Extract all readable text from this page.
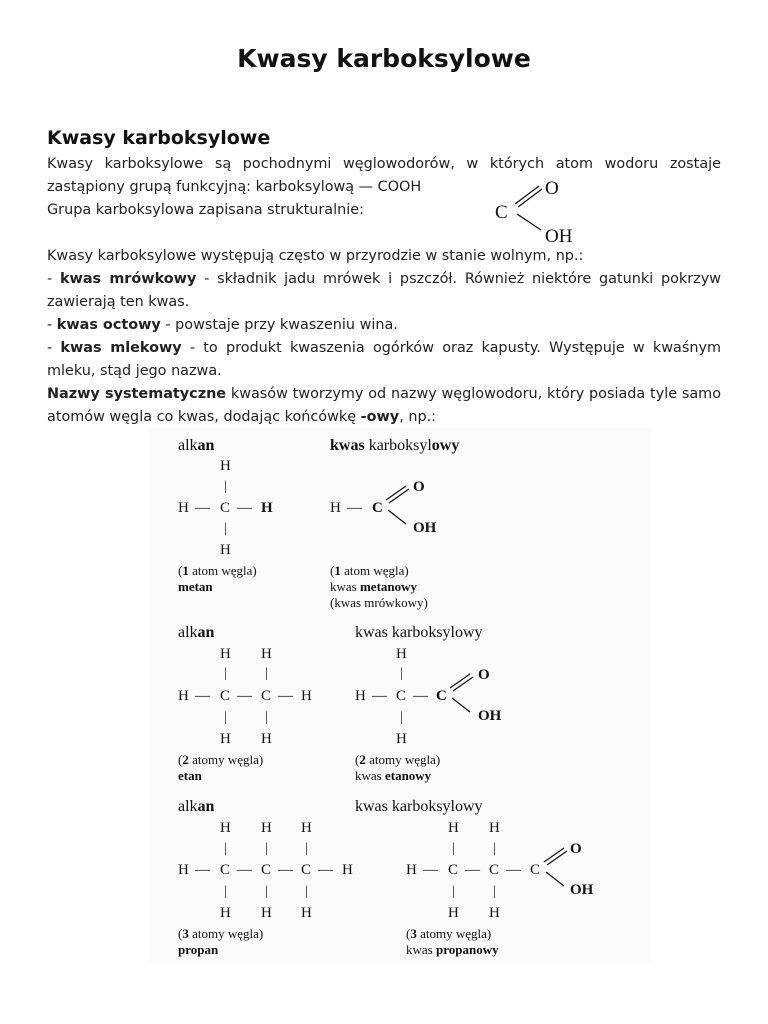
Kwasy karboksylowe
Kwasy karboksylowe

Kwasy karboksylowe są pochodnymi węglowodorów, w których atom wodoru zostaje zastąpiony grupą funkcyjną: karboksylową — COOH

Grupa karboksylowa zapisana strukturalnie:

Kwasy karboksylowe występują często w przyrodzie w stanie wolnym, np.:

- kwas mrówkowy - składnik jadu mrówek i pszczół. Również niektóre gatunki pokrzyw zawierają ten kwas.

- kwas octowy - powstaje przy kwaszeniu wina.

- kwas mlekowy - to produkt kwaszenia ogórków oraz kapusty. Występuje w kwaśnym mleku, stąd jego nazwa.

Nazwy systematyczne kwasów tworzymy od nazwy węglowodoru, który posiada tyle samo atomów węgla co kwas, dodając końcówkę -owy, np.:

C
O
OH
alkan	kwas karboksylowy
H
|
H — C — H
|
H
H — C
O
OH
(1 atom węgla)
metan
(1 atom węgla)
kwas metanowy
(kwas mrówkowy)
alkan	kwas karboksylowy
H H
|	|
H — C — C — H
|	|
H H
H
|
H — C — C
O
OH
|
H
(2 atomy węgla)
etan
(2 atomy węgla)
kwas etanowy
alkan	kwas karboksylowy
H H H
|	|	|
H — C — C — C — H
|	|	|
H H H
H H
|	|
H — C — C — C
O
OH
|	|
H H
(3 atomy węgla)
propan
(3 atomy węgla)
kwas propanowy
